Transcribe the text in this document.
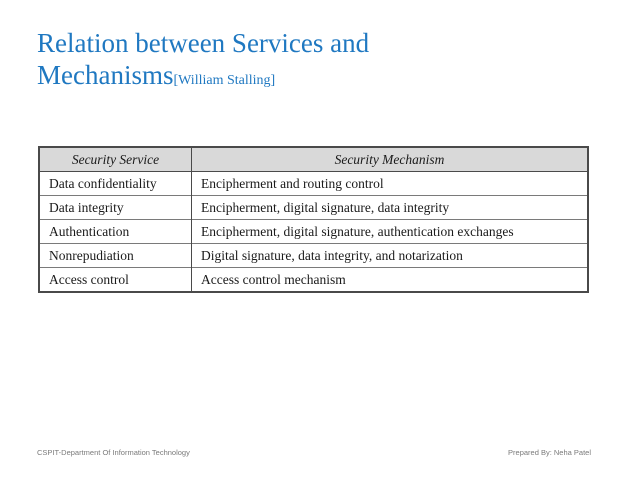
Relation between Services and
Mechanisms[William Stalling]
Security Service	Security Mechanism
Data confidentiality	Encipherment and routing control
Data integrity	Encipherment, digital signature, data integrity
Authentication	Encipherment, digital signature, authentication exchanges
Nonrepudiation	Digital signature, data integrity, and notarization
Access control	Access control mechanism
CSPIT-Department Of Information Technology	Prepared By: Neha Patel
